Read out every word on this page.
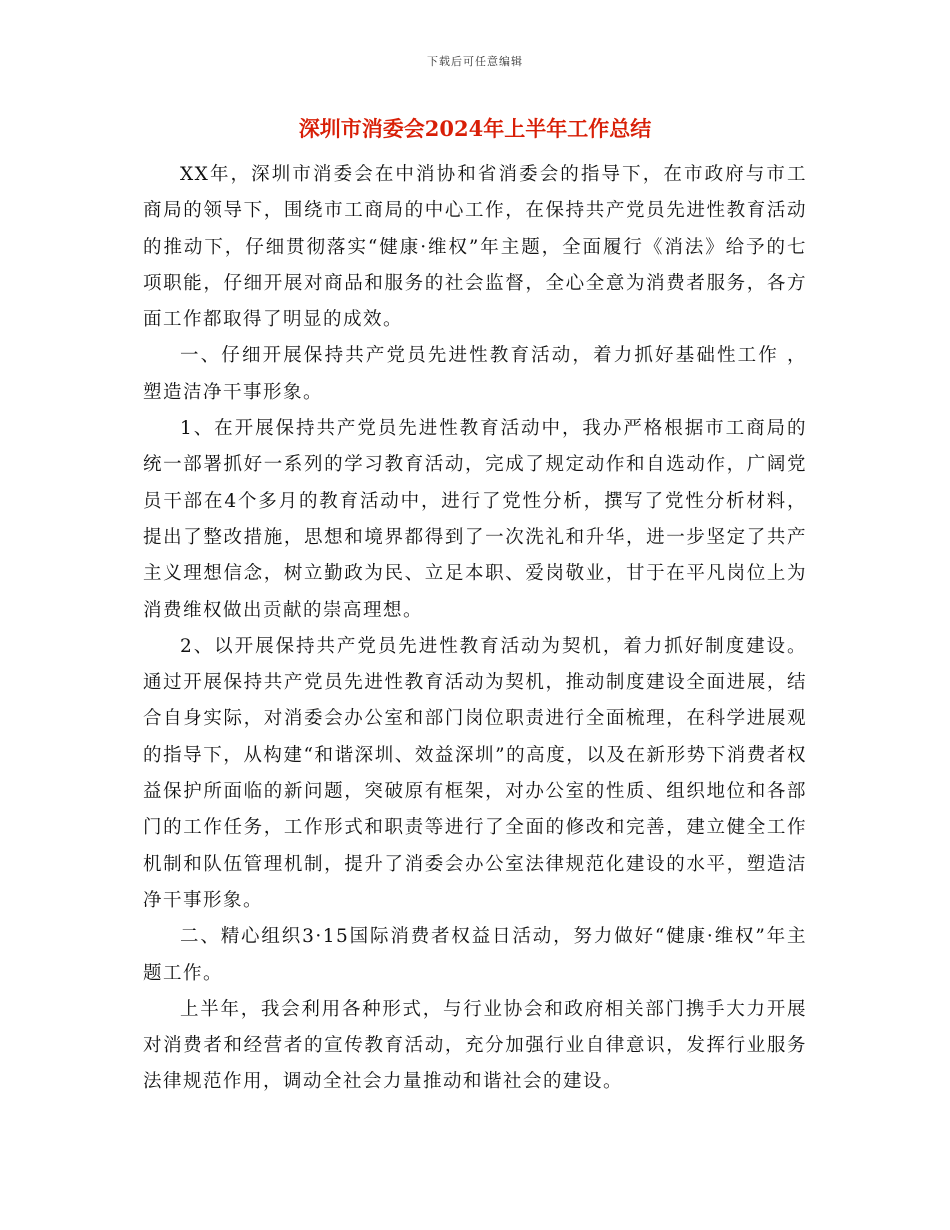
下载后可任意编辑
深圳市消委会2024年上半年工作总结

XX年，深圳市消委会在中消协和省消委会的指导下，在市政府与市工商局的领导下，围绕市工商局的中心工作，在保持共产党员先进性教育活动的推动下，仔细贯彻落实“健康·维权”年主题，全面履行《消法》给予的七项职能，仔细开展对商品和服务的社会监督，全心全意为消费者服务，各方面工作都取得了明显的成效。

一、仔细开展保持共产党员先进性教育活动，着力抓好基础性工作 ，塑造洁净干事形象。

1、在开展保持共产党员先进性教育活动中，我办严格根据市工商局的统一部署抓好一系列的学习教育活动，完成了规定动作和自选动作，广阔党员干部在4个多月的教育活动中，进行了党性分析，撰写了党性分析材料，提出了整改措施，思想和境界都得到了一次洗礼和升华，进一步坚定了共产主义理想信念，树立勤政为民、立足本职、爱岗敬业，甘于在平凡岗位上为消费维权做出贡献的崇高理想。

2、以开展保持共产党员先进性教育活动为契机，着力抓好制度建设。通过开展保持共产党员先进性教育活动为契机，推动制度建设全面进展，结合自身实际，对消委会办公室和部门岗位职责进行全面梳理，在科学进展观的指导下，从构建“和谐深圳、效益深圳”的高度，以及在新形势下消费者权益保护所面临的新问题，突破原有框架，对办公室的性质、组织地位和各部门的工作任务，工作形式和职责等进行了全面的修改和完善，建立健全工作机制和队伍管理机制，提升了消委会办公室法律规范化建设的水平，塑造洁净干事形象。

二、精心组织3·15国际消费者权益日活动，努力做好“健康·维权”年主题工作。

上半年，我会利用各种形式，与行业协会和政府相关部门携手大力开展对消费者和经营者的宣传教育活动，充分加强行业自律意识，发挥行业服务法律规范作用，调动全社会力量推动和谐社会的建设。
